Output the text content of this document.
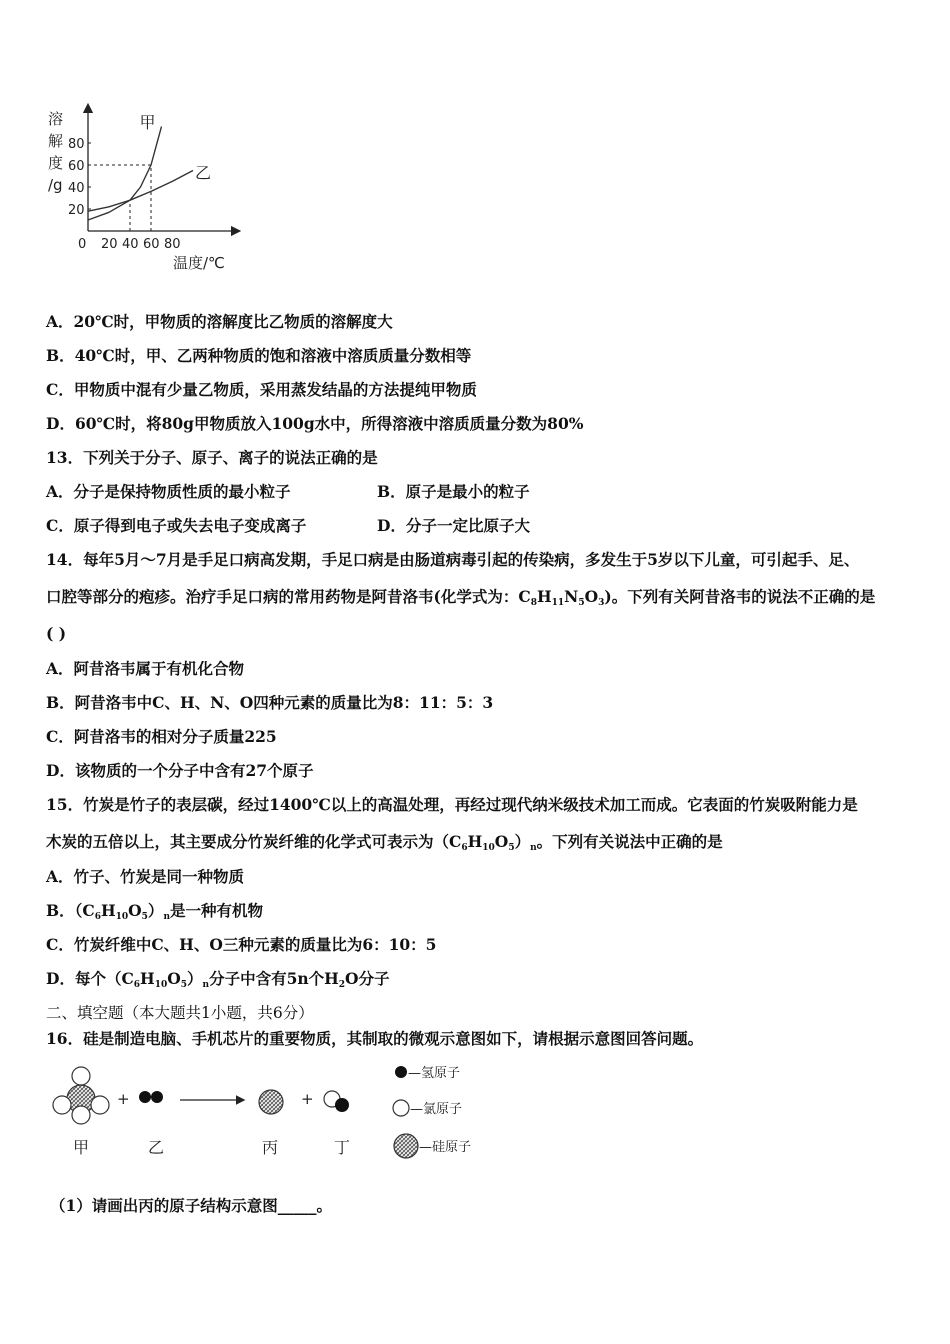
溶
解
度
/g
0 20 40 60 80
20
40
60
80
甲
乙
温度/℃
A．20℃时，甲物质的溶解度比乙物质的溶解度大
B．40℃时，甲、乙两种物质的饱和溶液中溶质质量分数相等
C．甲物质中混有少量乙物质，采用蒸发结晶的方法提纯甲物质
D．60℃时，将80g甲物质放入100g水中，所得溶液中溶质质量分数为80%
13．下列关于分子、原子、离子的说法正确的是
A．分子是保持物质性质的最小粒子	B．原子是最小的粒子
C．原子得到电子或失去电子变成离子	D．分子一定比原子大
14．每年5月～7月是手足口病高发期，手足口病是由肠道病毒引起的传染病，多发生于5岁以下儿童，可引起手、足、
口腔等部分的疱疹。治疗手足口病的常用药物是阿昔洛韦(化学式为：$C_8H_{11}N_5O_3$)。下列有关阿昔洛韦的说法不正确的是
( )
A．阿昔洛韦属于有机化合物
B．阿昔洛韦中C、H、N、O四种元素的质量比为8：11：5：3
C．阿昔洛韦的相对分子质量225
D．该物质的一个分子中含有27个原子
15．竹炭是竹子的表层碳，经过1400℃以上的高温处理，再经过现代纳米级技术加工而成。它表面的竹炭吸附能力是
木炭的五倍以上，其主要成分竹炭纤维的化学式可表示为$(C_6H_{10}O_5)_n$。下列有关说法中正确的是
A．竹子、竹炭是同一种物质
B．$(C_6H_{10}O_5)_n$是一种有机物
C．竹炭纤维中C、H、O三种元素的质量比为6：10：5
D．每个$(C_6H_{10}O_5)_n$分子中含有5n个$H_2O$分子
二、填空题（本大题共1小题，共6分）
16．硅是制造电脑、手机芯片的重要物质，其制取的微观示意图如下，请根据示意图回答问题。
+	+
甲	乙	丙	丁
—氢原子
—氯原子
—硅原子
（1）请画出丙的原子结构示意图_____。
